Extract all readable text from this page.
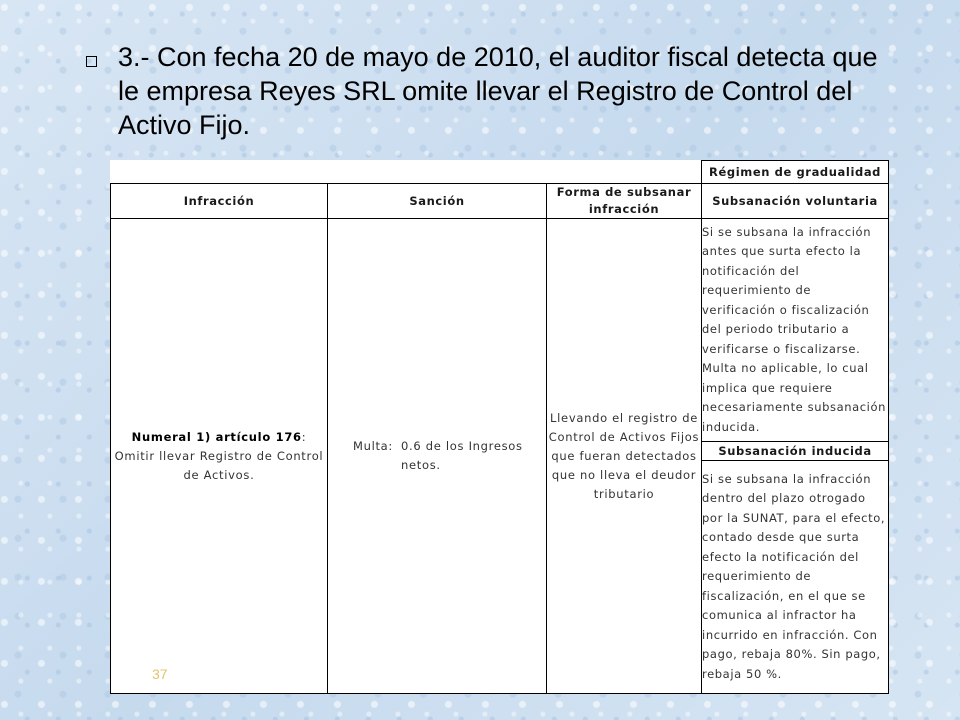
3.- Con fecha 20 de mayo de 2010, el auditor fiscal detecta que le empresa Reyes SRL omite llevar el Registro de Control del Activo Fijo.

			Régimen de gradualidad
Infracción	Sanción	Forma de subsanar infracción	Subsanación voluntaria
Numeral 1) artículo 176: Omitir llevar Registro de Control de Activos.	Multa: 0.6 de los Ingresos netos.	Llevando el registro de Control de Activos Fijos que fueran detectados que no lleva el deudor tributario	Si se subsana la infracción antes que surta efecto la notificación del requerimiento de verificación o fiscalización del periodo tributario a verificarse o fiscalizarse. Multa no aplicable, lo cual implica que requiere necesariamente subsanación inducida.
			Subsanación inducida
			Si se subsana la infracción dentro del plazo otrogado por la SUNAT, para el efecto, contado desde que surta efecto la notificación del requerimiento de fiscalización, en el que se comunica al infractor ha incurrido en infracción. Con pago, rebaja 80%. Sin pago, rebaja 50 %.
37
